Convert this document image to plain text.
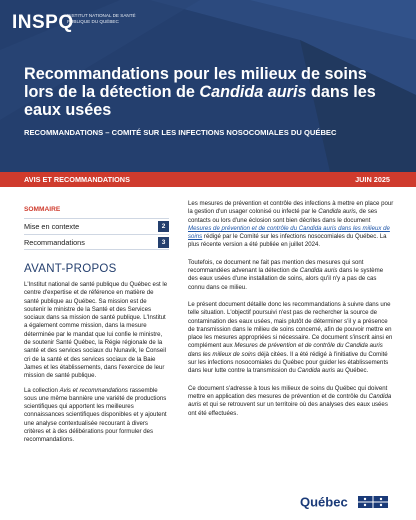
INSPQ
INSTITUT NATIONAL DE SANTÉ PUBLIQUE DU QUÉBEC
Recommandations pour les milieux de soins lors de la détection de Candida auris dans les eaux usées
RECOMMANDATIONS – COMITÉ SUR LES INFECTIONS NOSOCOMIALES DU QUÉBEC
AVIS ET RECOMMANDATIONS	JUIN 2025
SOMMAIRE
Mise en contexte	2
Recommandations	3
AVANT-PROPOS

L'Institut national de santé publique du Québec est le centre d'expertise et de référence en matière de santé publique au Québec. Sa mission est de soutenir le ministre de la Santé et des Services sociaux dans sa mission de santé publique. L'Institut a également comme mission, dans la mesure déterminée par le mandat que lui confie le ministre, de soutenir Santé Québec, la Régie régionale de la santé et des services sociaux du Nunavik, le Conseil cri de la santé et des services sociaux de la Baie James et les établissements, dans l'exercice de leur mission de santé publique.

La collection Avis et recommandations rassemble sous une même bannière une variété de productions scientifiques qui apportent les meilleures connaissances scientifiques disponibles et y ajoutent une analyse contextualisée recourant à divers critères et à des délibérations pour formuler des recommandations.

Les mesures de prévention et contrôle des infections à mettre en place pour la gestion d'un usager colonisé ou infecté par le Candida auris, de ses contacts ou lors d'une éclosion sont bien décrites dans le document Mesures de prévention et de contrôle du Candida auris dans les milieux de soins rédigé par le Comité sur les infections nosocomiales du Québec. La plus récente version a été publiée en juillet 2024.

Toutefois, ce document ne fait pas mention des mesures qui sont recommandées advenant la détection de Candida auris dans le système des eaux usées d'une installation de soins, alors qu'il n'y a pas de cas connu dans ce milieu.

Le présent document détaille donc les recommandations à suivre dans une telle situation. L'objectif poursuivi n'est pas de rechercher la source de contamination des eaux usées, mais plutôt de déterminer s'il y a présence de transmission dans le milieu de soins concerné, afin de pouvoir mettre en place les mesures appropriées si nécessaire. Ce document s'inscrit ainsi en complément aux Mesures de prévention et de contrôle du Candida auris dans les milieux de soins déjà citées. Il a été rédigé à l'initiative du Comité sur les infections nosocomiales du Québec pour guider les établissements dans leur lutte contre la transmission du Candida auris au Québec.

Ce document s'adresse à tous les milieux de soins du Québec qui doivent mettre en application des mesures de prévention et de contrôle du Candida auris et qui se retrouvent sur un territoire où des analyses des eaux usées ont été effectuées.

Québec
